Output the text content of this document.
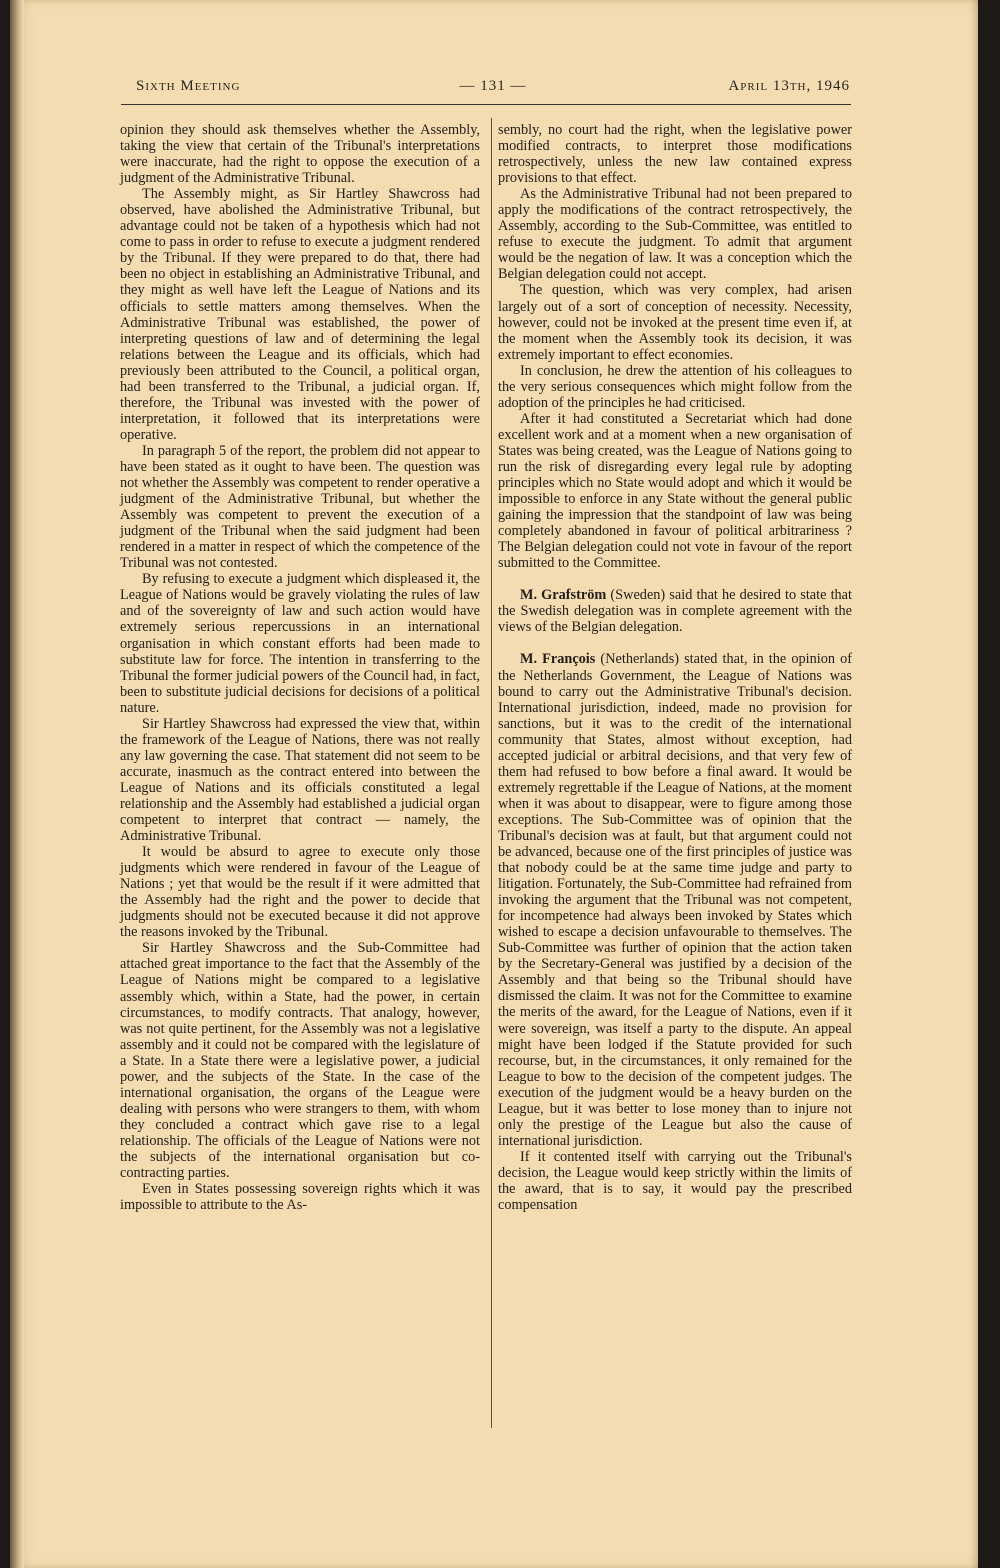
Sixth Meeting	— 131 —	April 13th, 1946

opinion they should ask themselves whether the Assembly, taking the view that certain of the Tribunal's interpretations were inaccurate, had the right to oppose the execution of a judgment of the Administrative Tribunal.

The Assembly might, as Sir Hartley Shawcross had observed, have abolished the Administrative Tribunal, but advantage could not be taken of a hypothesis which had not come to pass in order to refuse to execute a judgment rendered by the Tribunal. If they were prepared to do that, there had been no object in establishing an Administrative Tribunal, and they might as well have left the League of Nations and its officials to settle matters among themselves. When the Administrative Tribunal was established, the power of interpreting questions of law and of determining the legal relations between the League and its officials, which had previously been attributed to the Council, a political organ, had been transferred to the Tribunal, a judicial organ. If, therefore, the Tribunal was invested with the power of interpretation, it followed that its interpretations were operative.

In paragraph 5 of the report, the problem did not appear to have been stated as it ought to have been. The question was not whether the Assembly was competent to render operative a judgment of the Administrative Tribunal, but whether the Assembly was competent to prevent the execution of a judgment of the Tribunal when the said judgment had been rendered in a matter in respect of which the competence of the Tribunal was not contested.

By refusing to execute a judgment which displeased it, the League of Nations would be gravely violating the rules of law and of the sovereignty of law and such action would have extremely serious repercussions in an international organisation in which constant efforts had been made to substitute law for force. The intention in transferring to the Tribunal the former judicial powers of the Council had, in fact, been to substitute judicial decisions for decisions of a political nature.

Sir Hartley Shawcross had expressed the view that, within the framework of the League of Nations, there was not really any law governing the case. That statement did not seem to be accurate, inasmuch as the contract entered into between the League of Nations and its officials constituted a legal relationship and the Assembly had established a judicial organ competent to interpret that contract — namely, the Administrative Tribunal.

It would be absurd to agree to execute only those judgments which were rendered in favour of the League of Nations ; yet that would be the result if it were admitted that the Assembly had the right and the power to decide that judgments should not be executed because it did not approve the reasons invoked by the Tribunal.

Sir Hartley Shawcross and the Sub-Committee had attached great importance to the fact that the Assembly of the League of Nations might be compared to a legislative assembly which, within a State, had the power, in certain circumstances, to modify contracts. That analogy, however, was not quite pertinent, for the Assembly was not a legislative assembly and it could not be compared with the legislature of a State. In a State there were a legislative power, a judicial power, and the subjects of the State. In the case of the international organisation, the organs of the League were dealing with persons who were strangers to them, with whom they concluded a contract which gave rise to a legal relationship. The officials of the League of Nations were not the subjects of the international organisation but co-contracting parties.

Even in States possessing sovereign rights which it was impossible to attribute to the As-

sembly, no court had the right, when the legislative power modified contracts, to interpret those modifications retrospectively, unless the new law contained express provisions to that effect.

As the Administrative Tribunal had not been prepared to apply the modifications of the contract retrospectively, the Assembly, according to the Sub-Committee, was entitled to refuse to execute the judgment. To admit that argument would be the negation of law. It was a conception which the Belgian delegation could not accept.

The question, which was very complex, had arisen largely out of a sort of conception of necessity. Necessity, however, could not be invoked at the present time even if, at the moment when the Assembly took its decision, it was extremely important to effect economies.

In conclusion, he drew the attention of his colleagues to the very serious consequences which might follow from the adoption of the principles he had criticised.

After it had constituted a Secretariat which had done excellent work and at a moment when a new organisation of States was being created, was the League of Nations going to run the risk of disregarding every legal rule by adopting principles which no State would adopt and which it would be impossible to enforce in any State without the general public gaining the impression that the standpoint of law was being completely abandoned in favour of political arbitrariness ? The Belgian delegation could not vote in favour of the report submitted to the Committee.

M. Grafström (Sweden) said that he desired to state that the Swedish delegation was in complete agreement with the views of the Belgian delegation.

M. François (Netherlands) stated that, in the opinion of the Netherlands Government, the League of Nations was bound to carry out the Administrative Tribunal's decision. International jurisdiction, indeed, made no provision for sanctions, but it was to the credit of the international community that States, almost without exception, had accepted judicial or arbitral decisions, and that very few of them had refused to bow before a final award. It would be extremely regrettable if the League of Nations, at the moment when it was about to disappear, were to figure among those exceptions. The Sub-Committee was of opinion that the Tribunal's decision was at fault, but that argument could not be advanced, because one of the first principles of justice was that nobody could be at the same time judge and party to litigation. Fortunately, the Sub-Committee had refrained from invoking the argument that the Tribunal was not competent, for incompetence had always been invoked by States which wished to escape a decision unfavourable to themselves. The Sub-Committee was further of opinion that the action taken by the Secretary-General was justified by a decision of the Assembly and that being so the Tribunal should have dismissed the claim. It was not for the Committee to examine the merits of the award, for the League of Nations, even if it were sovereign, was itself a party to the dispute. An appeal might have been lodged if the Statute provided for such recourse, but, in the circumstances, it only remained for the League to bow to the decision of the competent judges. The execution of the judgment would be a heavy burden on the League, but it was better to lose money than to injure not only the prestige of the League but also the cause of international jurisdiction.

If it contented itself with carrying out the Tribunal's decision, the League would keep strictly within the limits of the award, that is to say, it would pay the prescribed compensation
